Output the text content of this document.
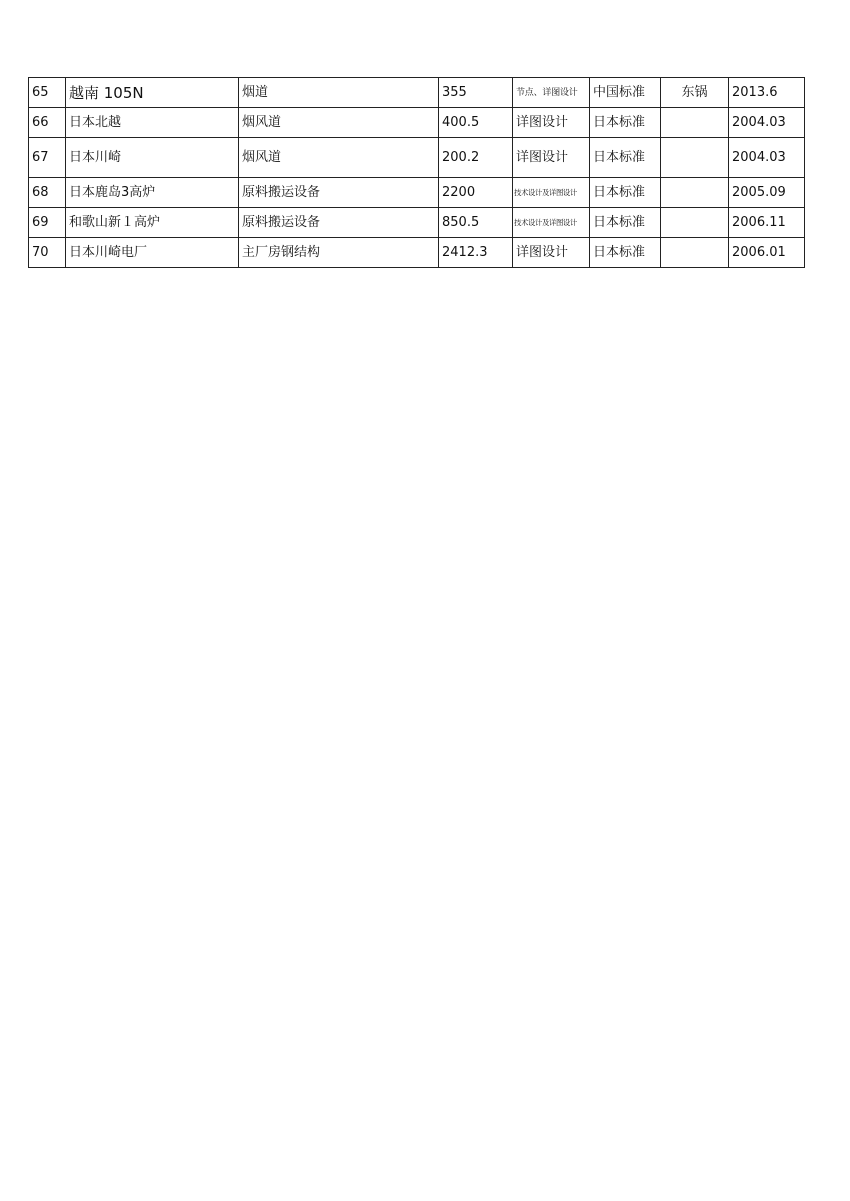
65	越南 105N	烟道	355	节点、详图设计	中国标准	东锅	2013.6
66	日本北越	烟风道	400.5	详图设计	日本标准		2004.03
67	日本川崎	烟风道	200.2	详图设计	日本标准		2004.03
68	日本鹿岛3高炉	原料搬运设备	2200	技术设计及详图设计	日本标准		2005.09
69	和歌山新１高炉	原料搬运设备	850.5	技术设计及详图设计	日本标准		2006.11
70	日本川崎电厂	主厂房钢结构	2412.3	详图设计	日本标准		2006.01
